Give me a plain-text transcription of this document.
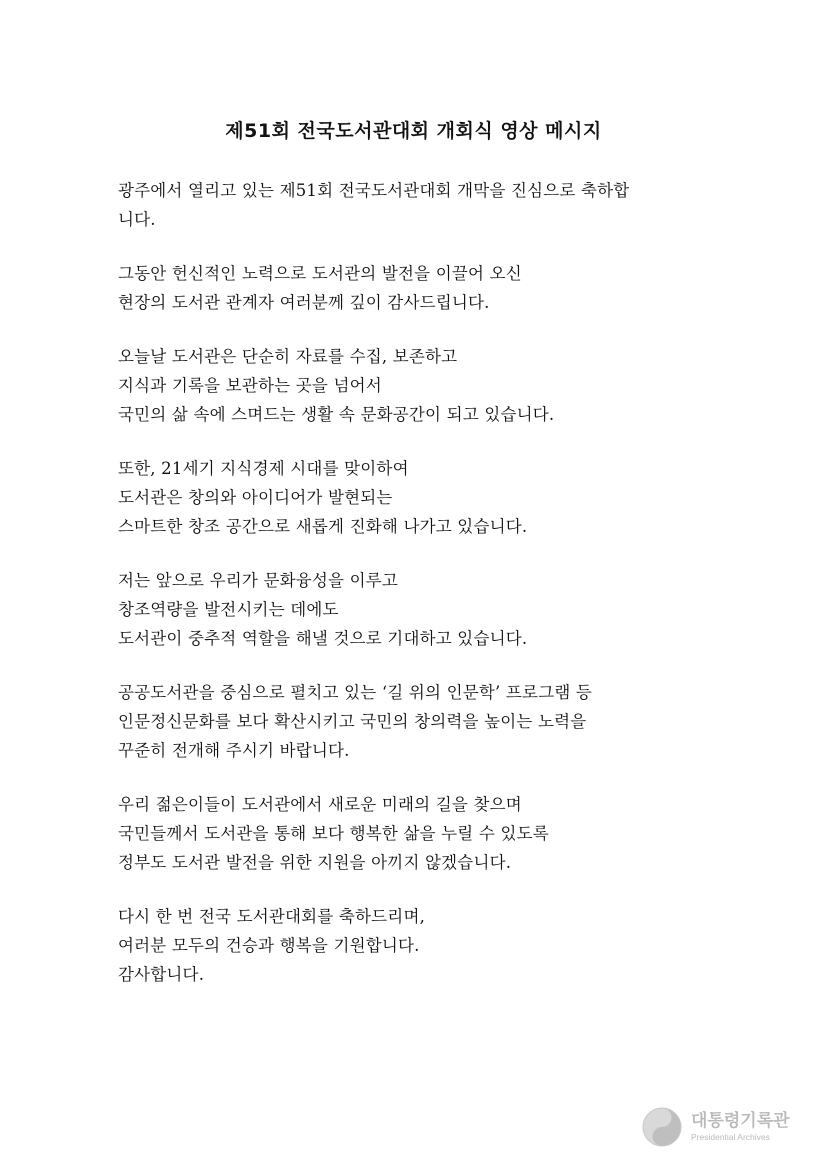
제51회 전국도서관대회 개회식 영상 메시지
광주에서 열리고 있는 제51회 전국도서관대회 개막을 진심으로 축하합
니다.
그동안 헌신적인 노력으로 도서관의 발전을 이끌어 오신
현장의 도서관 관계자 여러분께 깊이 감사드립니다.
오늘날 도서관은 단순히 자료를 수집, 보존하고
지식과 기록을 보관하는 곳을 넘어서
국민의 삶 속에 스며드는 생활 속 문화공간이 되고 있습니다.
또한, 21세기 지식경제 시대를 맞이하여
도서관은 창의와 아이디어가 발현되는
스마트한 창조 공간으로 새롭게 진화해 나가고 있습니다.
저는 앞으로 우리가 문화융성을 이루고
창조역량을 발전시키는 데에도
도서관이 중추적 역할을 해낼 것으로 기대하고 있습니다.
공공도서관을 중심으로 펼치고 있는 ‘길 위의 인문학’ 프로그램 등
인문정신문화를 보다 확산시키고 국민의 창의력을 높이는 노력을
꾸준히 전개해 주시기 바랍니다.
우리 젊은이들이 도서관에서 새로운 미래의 길을 찾으며
국민들께서 도서관을 통해 보다 행복한 삶을 누릴 수 있도록
정부도 도서관 발전을 위한 지원을 아끼지 않겠습니다.
다시 한 번 전국 도서관대회를 축하드리며,
여러분 모두의 건승과 행복을 기원합니다.
감사합니다.
대통령기록관
Presidential Archives
